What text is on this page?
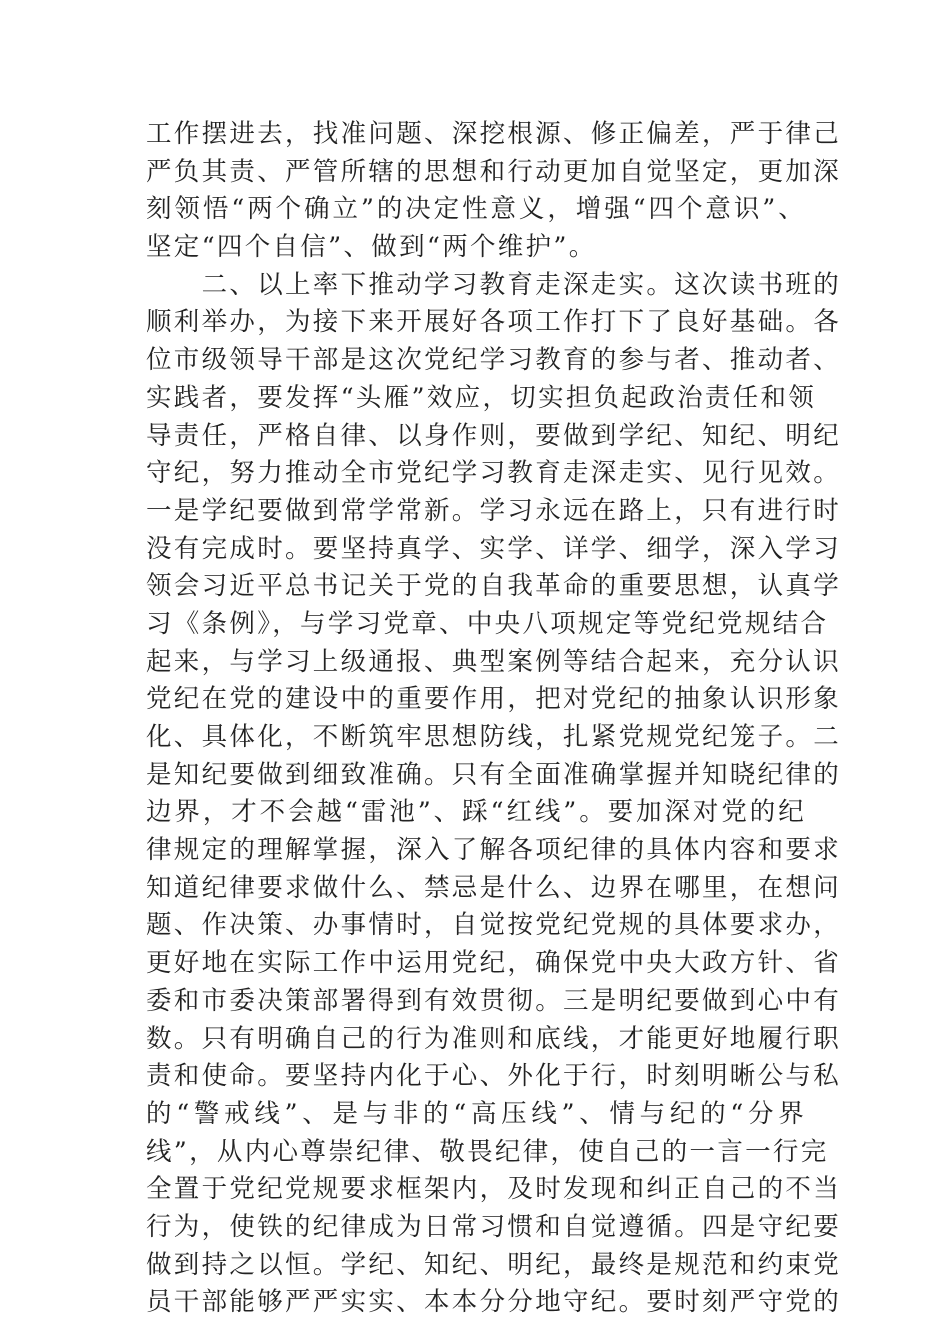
工作摆进去，找准问题、深挖根源、修正偏差，严于律己
严负其责、严管所辖的思想和行动更加自觉坚定，更加深
刻领悟“两个确立”的决定性意义，增强“四个意识”、
坚定“四个自信”、做到“两个维护”。
　　二、以上率下推动学习教育走深走实。这次读书班的
顺利举办，为接下来开展好各项工作打下了良好基础。各
位市级领导干部是这次党纪学习教育的参与者、推动者、
实践者，要发挥“头雁”效应，切实担负起政治责任和领
导责任，严格自律、以身作则，要做到学纪、知纪、明纪
守纪，努力推动全市党纪学习教育走深走实、见行见效。
一是学纪要做到常学常新。学习永远在路上，只有进行时
没有完成时。要坚持真学、实学、详学、细学，深入学习
领会习近平总书记关于党的自我革命的重要思想，认真学
习《条例》，与学习党章、中央八项规定等党纪党规结合
起来，与学习上级通报、典型案例等结合起来，充分认识
党纪在党的建设中的重要作用，把对党纪的抽象认识形象
化、具体化，不断筑牢思想防线，扎紧党规党纪笼子。二
是知纪要做到细致准确。只有全面准确掌握并知晓纪律的
边界，才不会越“雷池”、踩“红线”。要加深对党的纪
律规定的理解掌握，深入了解各项纪律的具体内容和要求
知道纪律要求做什么、禁忌是什么、边界在哪里，在想问
题、作决策、办事情时，自觉按党纪党规的具体要求办，
更好地在实际工作中运用党纪，确保党中央大政方针、省
委和市委决策部署得到有效贯彻。三是明纪要做到心中有
数。只有明确自己的行为准则和底线，才能更好地履行职
责和使命。要坚持内化于心、外化于行，时刻明晰公与私
的“警戒线”、是与非的“高压线”、情与纪的“分界
线”，从内心尊崇纪律、敬畏纪律，使自己的一言一行完
全置于党纪党规要求框架内，及时发现和纠正自己的不当
行为，使铁的纪律成为日常习惯和自觉遵循。四是守纪要
做到持之以恒。学纪、知纪、明纪，最终是规范和约束党
员干部能够严严实实、本本分分地守纪。要时刻严守党的
